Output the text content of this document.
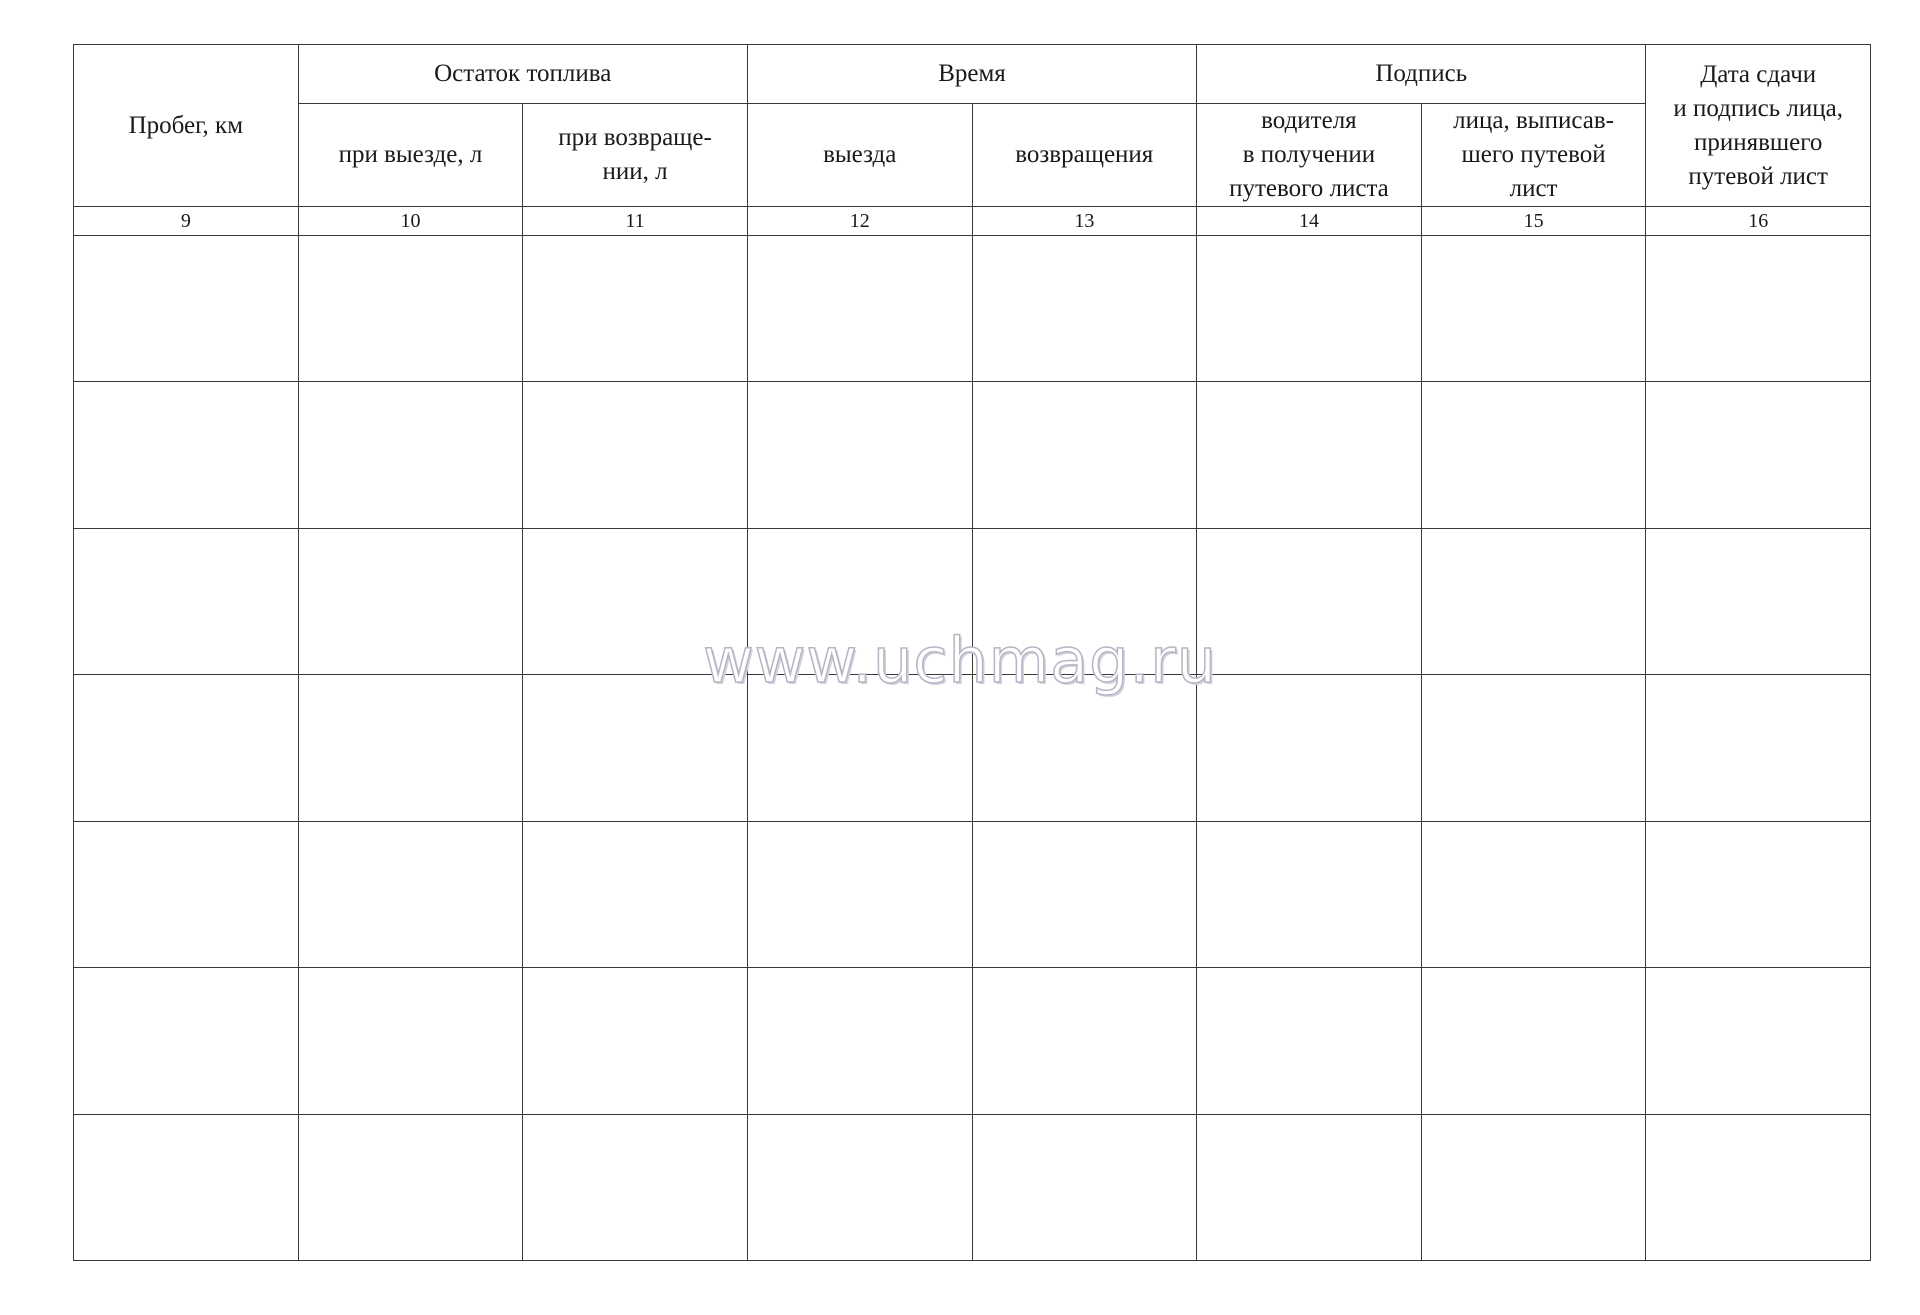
Пробег, км	Остаток топлива		Время		Подпись		Дата сдачи
и подпись лица,
принявшего
путевой лист
	при выезде, л	при возвраще-
нии, л	выезда	возвращения	водителя
в получении
путевого листа	лица, выписав-
шего путевой
лист	
9	10	11	12	13	14	15	16

www.uchmag.ru
